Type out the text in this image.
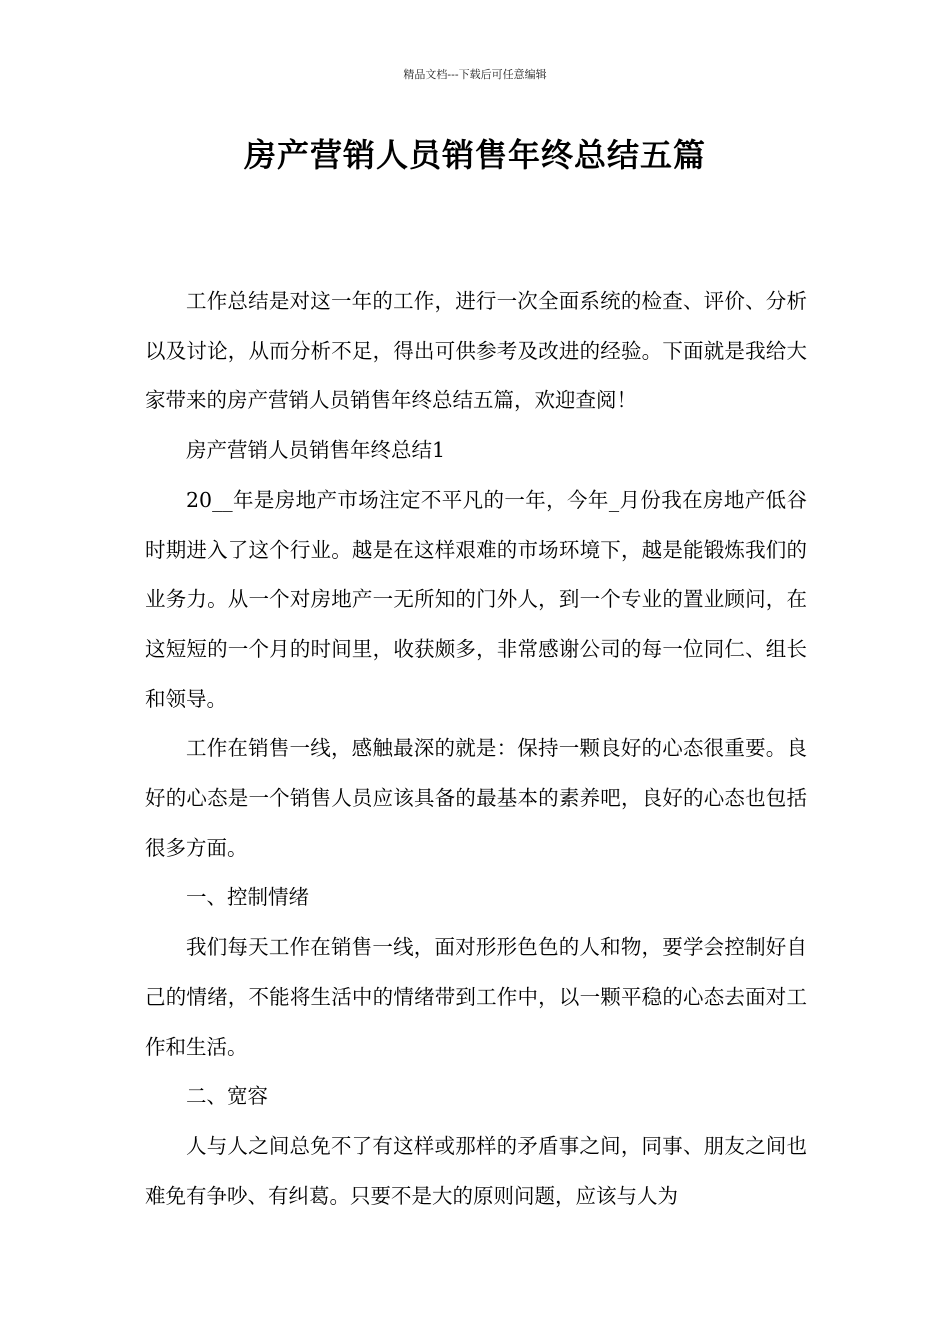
精品文档---下载后可任意编辑
房产营销人员销售年终总结五篇

工作总结是对这一年的工作，进行一次全面系统的检查、评价、分析以及讨论，从而分析不足，得出可供参考及改进的经验。下面就是我给大家带来的房产营销人员销售年终总结五篇，欢迎查阅！

房产营销人员销售年终总结1

20__年是房地产市场注定不平凡的一年，今年_月份我在房地产低谷时期进入了这个行业。越是在这样艰难的市场环境下，越是能锻炼我们的业务力。从一个对房地产一无所知的门外人，到一个专业的置业顾问，在这短短的一个月的时间里，收获颇多，非常感谢公司的每一位同仁、组长和领导。

工作在销售一线，感触最深的就是：保持一颗良好的心态很重要。良好的心态是一个销售人员应该具备的最基本的素养吧，良好的心态也包括很多方面。

一、控制情绪

我们每天工作在销售一线，面对形形色色的人和物，要学会控制好自己的情绪，不能将生活中的情绪带到工作中，以一颗平稳的心态去面对工作和生活。

二、宽容

人与人之间总免不了有这样或那样的矛盾事之间，同事、朋友之间也难免有争吵、有纠葛。只要不是大的原则问题，应该与人为
